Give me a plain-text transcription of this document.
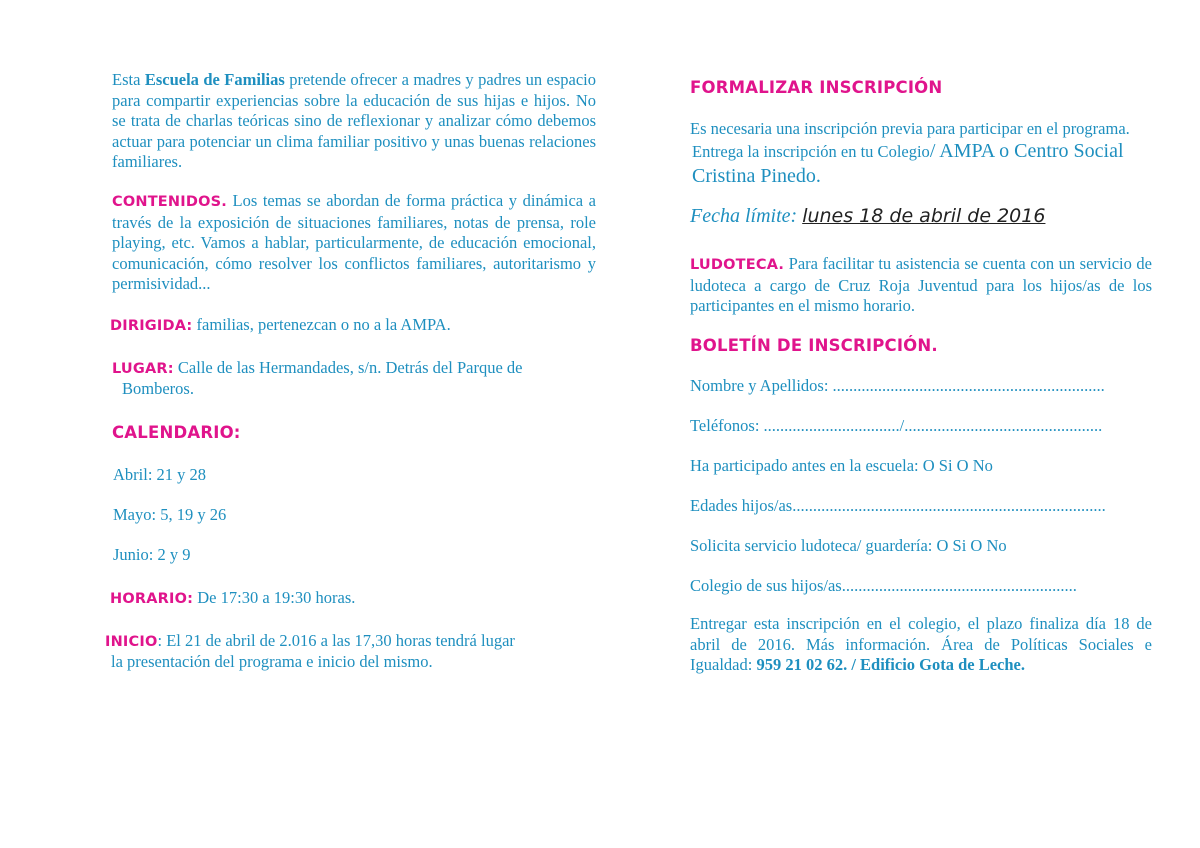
Esta Escuela de Familias pretende ofrecer a madres y padres un espacio para compartir experiencias sobre la educación de sus hijas e hijos. No se trata de charlas teóricas sino de reflexionar y analizar cómo debemos actuar para potenciar un clima familiar positivo y unas buenas relaciones familiares.

CONTENIDOS. Los temas se abordan de forma práctica y dinámica a través de la exposición de situaciones familiares, notas de prensa, role playing, etc. Vamos a hablar, particularmente, de educación emocional, comunicación, cómo resolver los conflictos familiares, autoritarismo y permisividad...

DIRIGIDA: familias, pertenezcan o no a la AMPA.
LUGAR: Calle de las Hermandades, s/n. Detrás del Parque de
Bomberos.
CALENDARIO:
Abril: 21 y 28
Mayo: 5, 19 y 26
Junio: 2 y 9
HORARIO: De 17:30 a 19:30 horas.
INICIO: El 21 de abril de 2.016 a las 17,30 horas tendrá lugar
la presentación del programa e inicio del mismo.
FORMALIZAR INSCRIPCIÓN
Es necesaria una inscripción previa para participar en el programa.
Entrega la inscripción en tu Colegio/ AMPA o Centro Social
Cristina Pinedo.
Fecha límite: lunes 18 de abril de 2016

LUDOTECA. Para facilitar tu asistencia se cuenta con un servicio de ludoteca a cargo de Cruz Roja Juventud para los hijos/as de los participantes en el mismo horario.

BOLETÍN DE INSCRIPCIÓN.
Nombre y Apellidos: ..................................................................
Teléfonos: ................................./................................................
Ha participado antes en la escuela: O Si O No
Edades hijos/as............................................................................
Solicita servicio ludoteca/ guardería: O Si O No
Colegio de sus hijos/as.........................................................

Entregar esta inscripción en el colegio, el plazo finaliza día 18 de abril de 2016. Más información. Área de Políticas Sociales e Igualdad: 959 21 02 62. / Edificio Gota de Leche.
